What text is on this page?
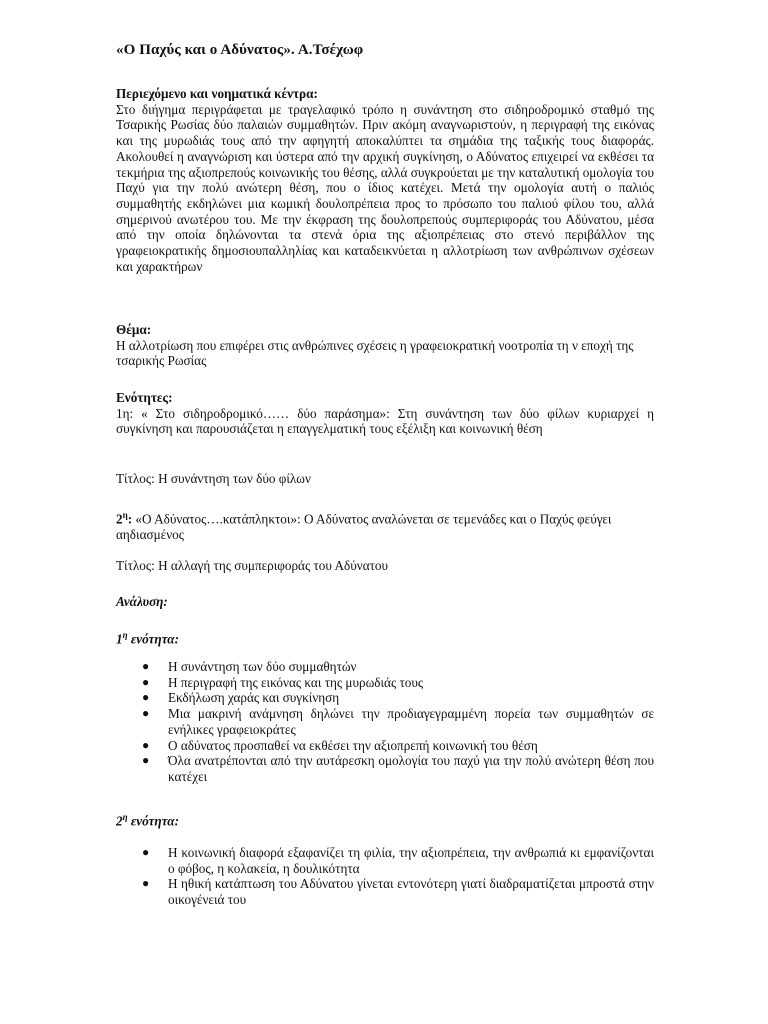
«Ο Παχύς και ο Αδύνατος». Α.Τσέχωφ

Περιεχόμενο και νοηματικά κέντρα:

Στο διήγημα περιγράφεται με τραγελαφικό τρόπο η συνάντηση στο σιδηροδρομικό σταθμό της Τσαρικής Ρωσίας δύο παλαιών συμμαθητών. Πριν ακόμη αναγνωριστούν, η περιγραφή της εικόνας και της μυρωδιάς τους από την αφηγητή αποκαλύπτει τα σημάδια της ταξικής τους διαφοράς. Ακολουθεί η αναγνώριση και ύστερα από την αρχική συγκίνηση, ο Αδύνατος επιχειρεί να εκθέσει τα τεκμήρια της αξιοπρεπούς κοινωνικής του θέσης, αλλά συγκρούεται με την καταλυτική ομολογία του Παχύ για την πολύ ανώτερη θέση, που ο ίδιος κατέχει. Μετά την ομολογία αυτή ο παλιός συμμαθητής εκδηλώνει μια κωμική δουλοπρέπεια προς το πρόσωπο του παλιού φίλου του, αλλά σημερινού ανωτέρου του. Με την έκφραση της δουλοπρεπούς συμπεριφοράς του Αδύνατου, μέσα από την οποία δηλώνονται τα στενά όρια της αξιοπρέπειας στο στενό περιβάλλον της γραφειοκρατικής δημοσιουπαλληλίας και καταδεικνύεται η αλλοτρίωση των ανθρώπινων σχέσεων και χαρακτήρων

Θέμα:

Η αλλοτρίωση που επιφέρει στις ανθρώπινες σχέσεις η γραφειοκρατική νοοτροπία τη ν εποχή της τσαρικής Ρωσίας

Ενότητες:

1η: « Στο σιδηροδρομικό…… δύο παράσημα»: Στη συνάντηση των δύο φίλων κυριαρχεί η συγκίνηση και παρουσιάζεται η επαγγελματική τους εξέλιξη και κοινωνική θέση

Τίτλος: Η συνάντηση των δύο φίλων

$2^\eta$: «Ο Αδύνατος….κατάπληκτοι»: Ο Αδύνατος αναλώνεται σε τεμενάδες και ο Παχύς φεύγει αηδιασμένος

Τίτλος: Η αλλαγή της συμπεριφοράς του Αδύνατου
Ανάλυση:
$1^\eta$ ενότητα:
● Η συνάντηση των δύο συμμαθητών
● Η περιγραφή της εικόνας και της μυρωδιάς τους
● Εκδήλωση χαράς και συγκίνηση
● Μια μακρινή ανάμνηση δηλώνει την προδιαγεγραμμένη πορεία των συμμαθητών σε ενήλικες γραφειοκράτες
● Ο αδύνατος προσπαθεί να εκθέσει την αξιοπρεπή κοινωνική του θέση
● Όλα ανατρέπονται από την αυτάρεσκη ομολογία του παχύ για την πολύ ανώτερη θέση που κατέχει
$2^\eta$ ενότητα:
● Η κοινωνική διαφορά εξαφανίζει τη φιλία, την αξιοπρέπεια, την ανθρωπιά κι εμφανίζονται ο φόβος, η κολακεία, η δουλικότητα
● Η ηθική κατάπτωση του Αδύνατου γίνεται εντονότερη γιατί διαδραματίζεται μπροστά στην οικογένειά του
